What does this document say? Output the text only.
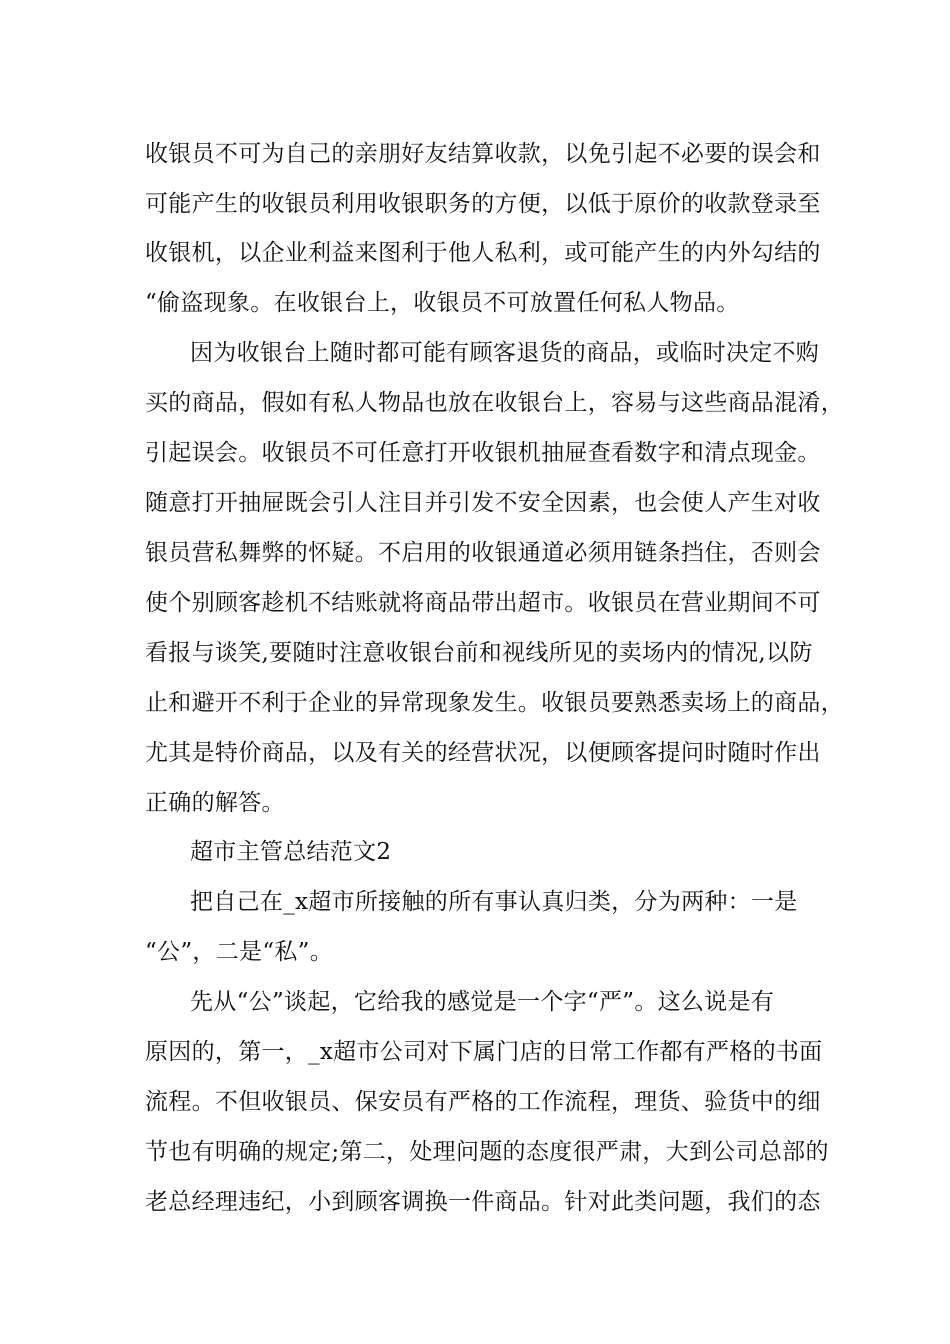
收银员不可为自己的亲朋好友结算收款，以免引起不必要的误会和
可能产生的收银员利用收银职务的方便，以低于原价的收款登录至
收银机，以企业利益来图利于他人私利，或可能产生的内外勾结的
“偷盗现象。在收银台上，收银员不可放置任何私人物品。
因为收银台上随时都可能有顾客退货的商品，或临时决定不购
买的商品，假如有私人物品也放在收银台上，容易与这些商品混淆，
引起误会。收银员不可任意打开收银机抽屉查看数字和清点现金。
随意打开抽屉既会引人注目并引发不安全因素，也会使人产生对收
银员营私舞弊的怀疑。不启用的收银通道必须用链条挡住，否则会
使个别顾客趁机不结账就将商品带出超市。收银员在营业期间不可
看报与谈笑,要随时注意收银台前和视线所见的卖场内的情况,以防
止和避开不利于企业的异常现象发生。收银员要熟悉卖场上的商品，
尤其是特价商品，以及有关的经营状况，以便顾客提问时随时作出
正确的解答。
超市主管总结范文2
把自己在_x超市所接触的所有事认真归类，分为两种：一是
“公”，二是“私”。
先从“公”谈起，它给我的感觉是一个字“严”。这么说是有
原因的，第一，_x超市公司对下属门店的日常工作都有严格的书面
流程。不但收银员、保安员有严格的工作流程，理货、验货中的细
节也有明确的规定;第二，处理问题的态度很严肃，大到公司总部的
老总经理违纪，小到顾客调换一件商品。针对此类问题，我们的态
